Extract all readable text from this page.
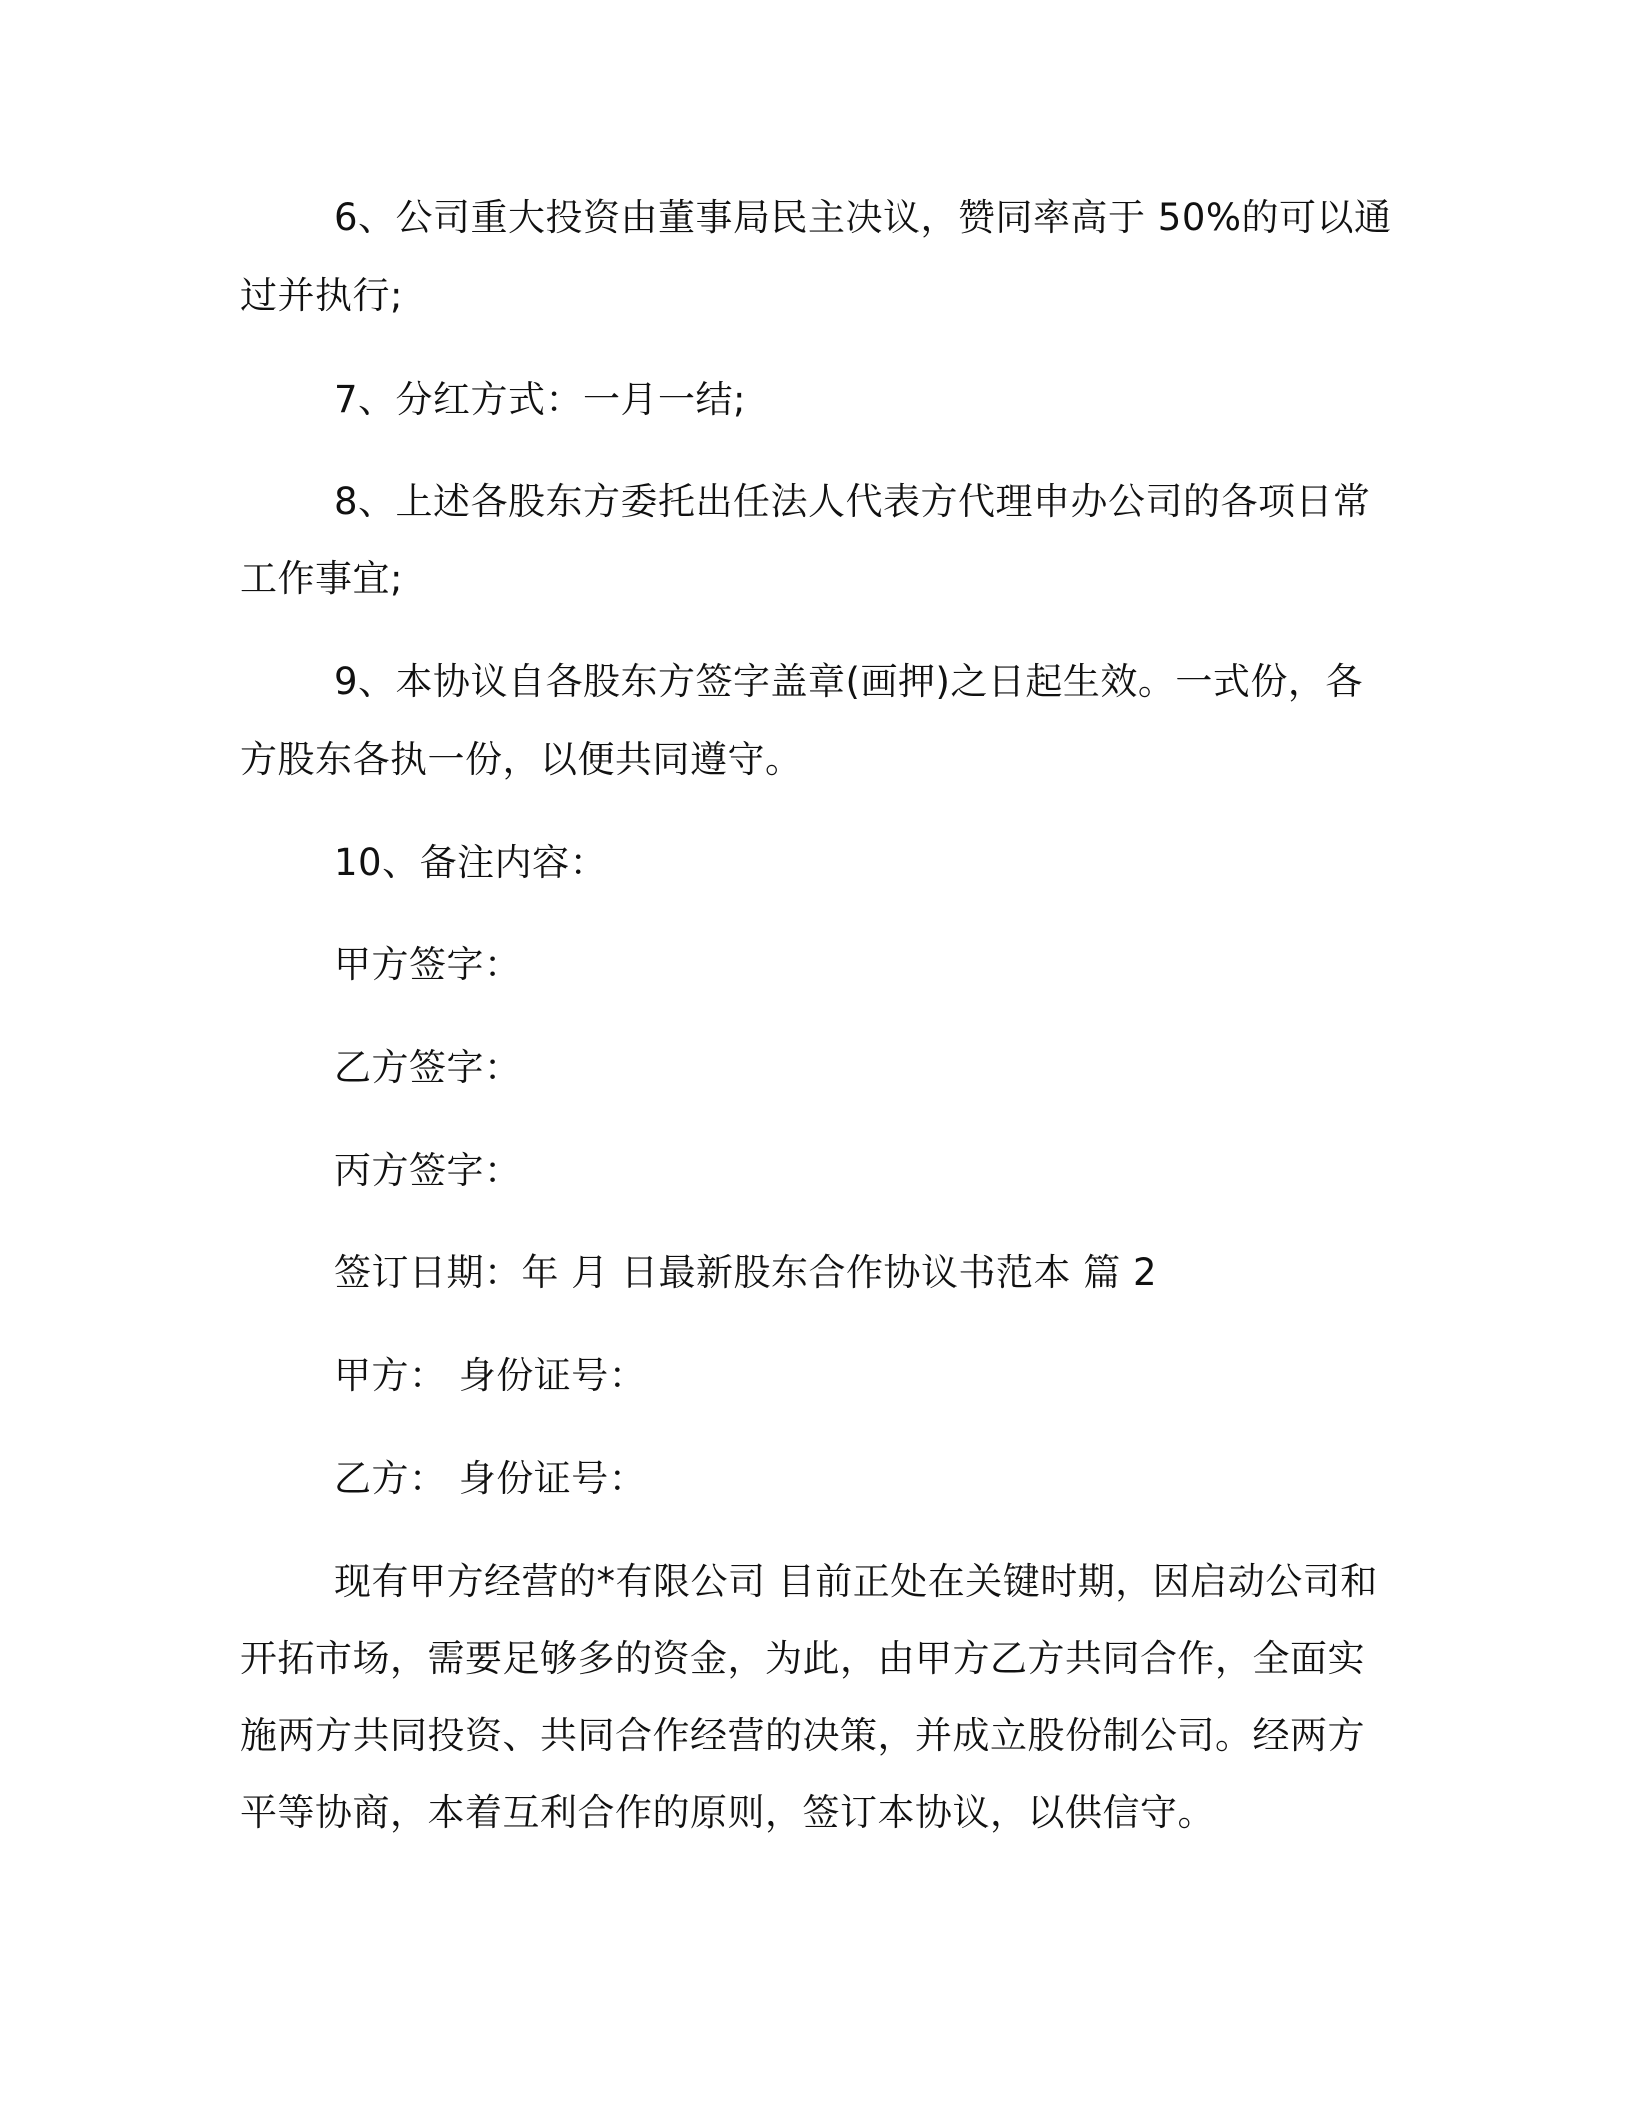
6、公司重大投资由董事局民主决议，赞同率高于 50%的可以通
过并执行;
7、分红方式：一月一结;
8、上述各股东方委托出任法人代表方代理申办公司的各项日常
工作事宜;
9、本协议自各股东方签字盖章(画押)之日起生效。一式份，各
方股东各执一份，以便共同遵守。
10、备注内容：
甲方签字：
乙方签字：
丙方签字：
签订日期：年 月 日最新股东合作协议书范本 篇 2
甲方： 身份证号：
乙方： 身份证号：
现有甲方经营的*有限公司 目前正处在关键时期，因启动公司和
开拓市场，需要足够多的资金，为此，由甲方乙方共同合作，全面实
施两方共同投资、共同合作经营的决策，并成立股份制公司。经两方
平等协商，本着互利合作的原则，签订本协议，以供信守。
